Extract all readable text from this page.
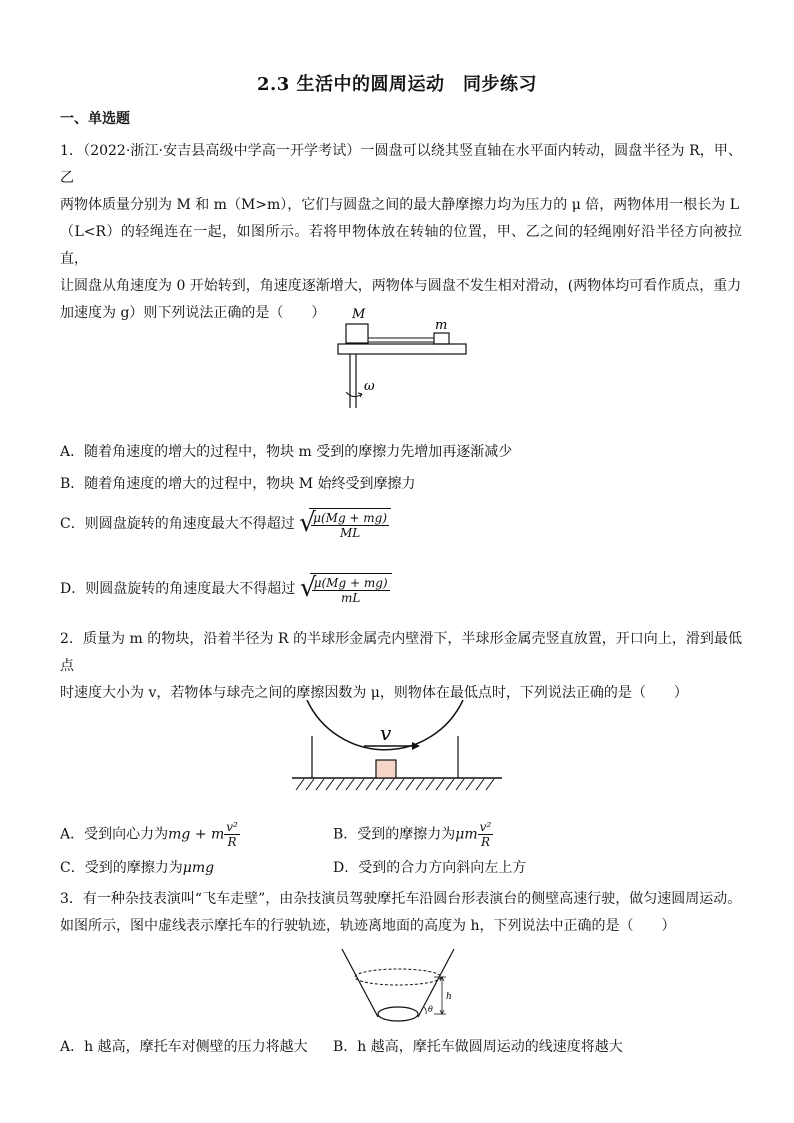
2.3 生活中的圆周运动　同步练习
一、单选题
1．（2022·浙江·安吉县高级中学高一开学考试）一圆盘可以绕其竖直轴在水平面内转动，圆盘半径为 R，甲、乙
两物体质量分别为 M 和 m（M>m），它们与圆盘之间的最大静摩擦力均为压力的 μ 倍，两物体用一根长为 L
（L<R）的轻绳连在一起，如图所示。若将甲物体放在转轴的位置，甲、乙之间的轻绳刚好沿半径方向被拉直，
让圆盘从角速度为 0 开始转到，角速度逐渐增大，两物体与圆盘不发生相对滑动，(两物体均可看作质点，重力
加速度为 g）则下列说法正确的是（　　）	M
m
ω
A．随着角速度的增大的过程中，物块 m 受到的摩擦力先增加再逐渐减少
B．随着角速度的增大的过程中，物块 M 始终受到摩擦力
C．则圆盘旋转的角速度最大不得超过 √
$\frac{\mu(Mg + mg)}{ML}$
D．则圆盘旋转的角速度最大不得超过 √
$\frac{\mu(Mg + mg)}{mL}$
2．质量为 m 的物块，沿着半径为 R 的半球形金属壳内壁滑下，半球形金属壳竖直放置，开口向上，滑到最低点
时速度大小为 v，若物体与球壳之间的摩擦因数为 μ，则物体在最低点时，下列说法正确的是（　　）
v
A．受到向心力为mg + m $\frac{\text{v²}}{R}$	B．受到的摩擦力为μm $\frac{\text{v²}}{R}$
C．受到的摩擦力为μmg	D．受到的合力方向斜向左上方
3．有一种杂技表演叫“飞车走壁”，由杂技演员驾驶摩托车沿圆台形表演台的侧壁高速行驶，做匀速圆周运动。
如图所示，图中虚线表示摩托车的行驶轨迹，轨迹离地面的高度为 h，下列说法中正确的是（　　）
h
θ
A．h 越高，摩托车对侧壁的压力将越大 B．h 越高，摩托车做圆周运动的线速度将越大
